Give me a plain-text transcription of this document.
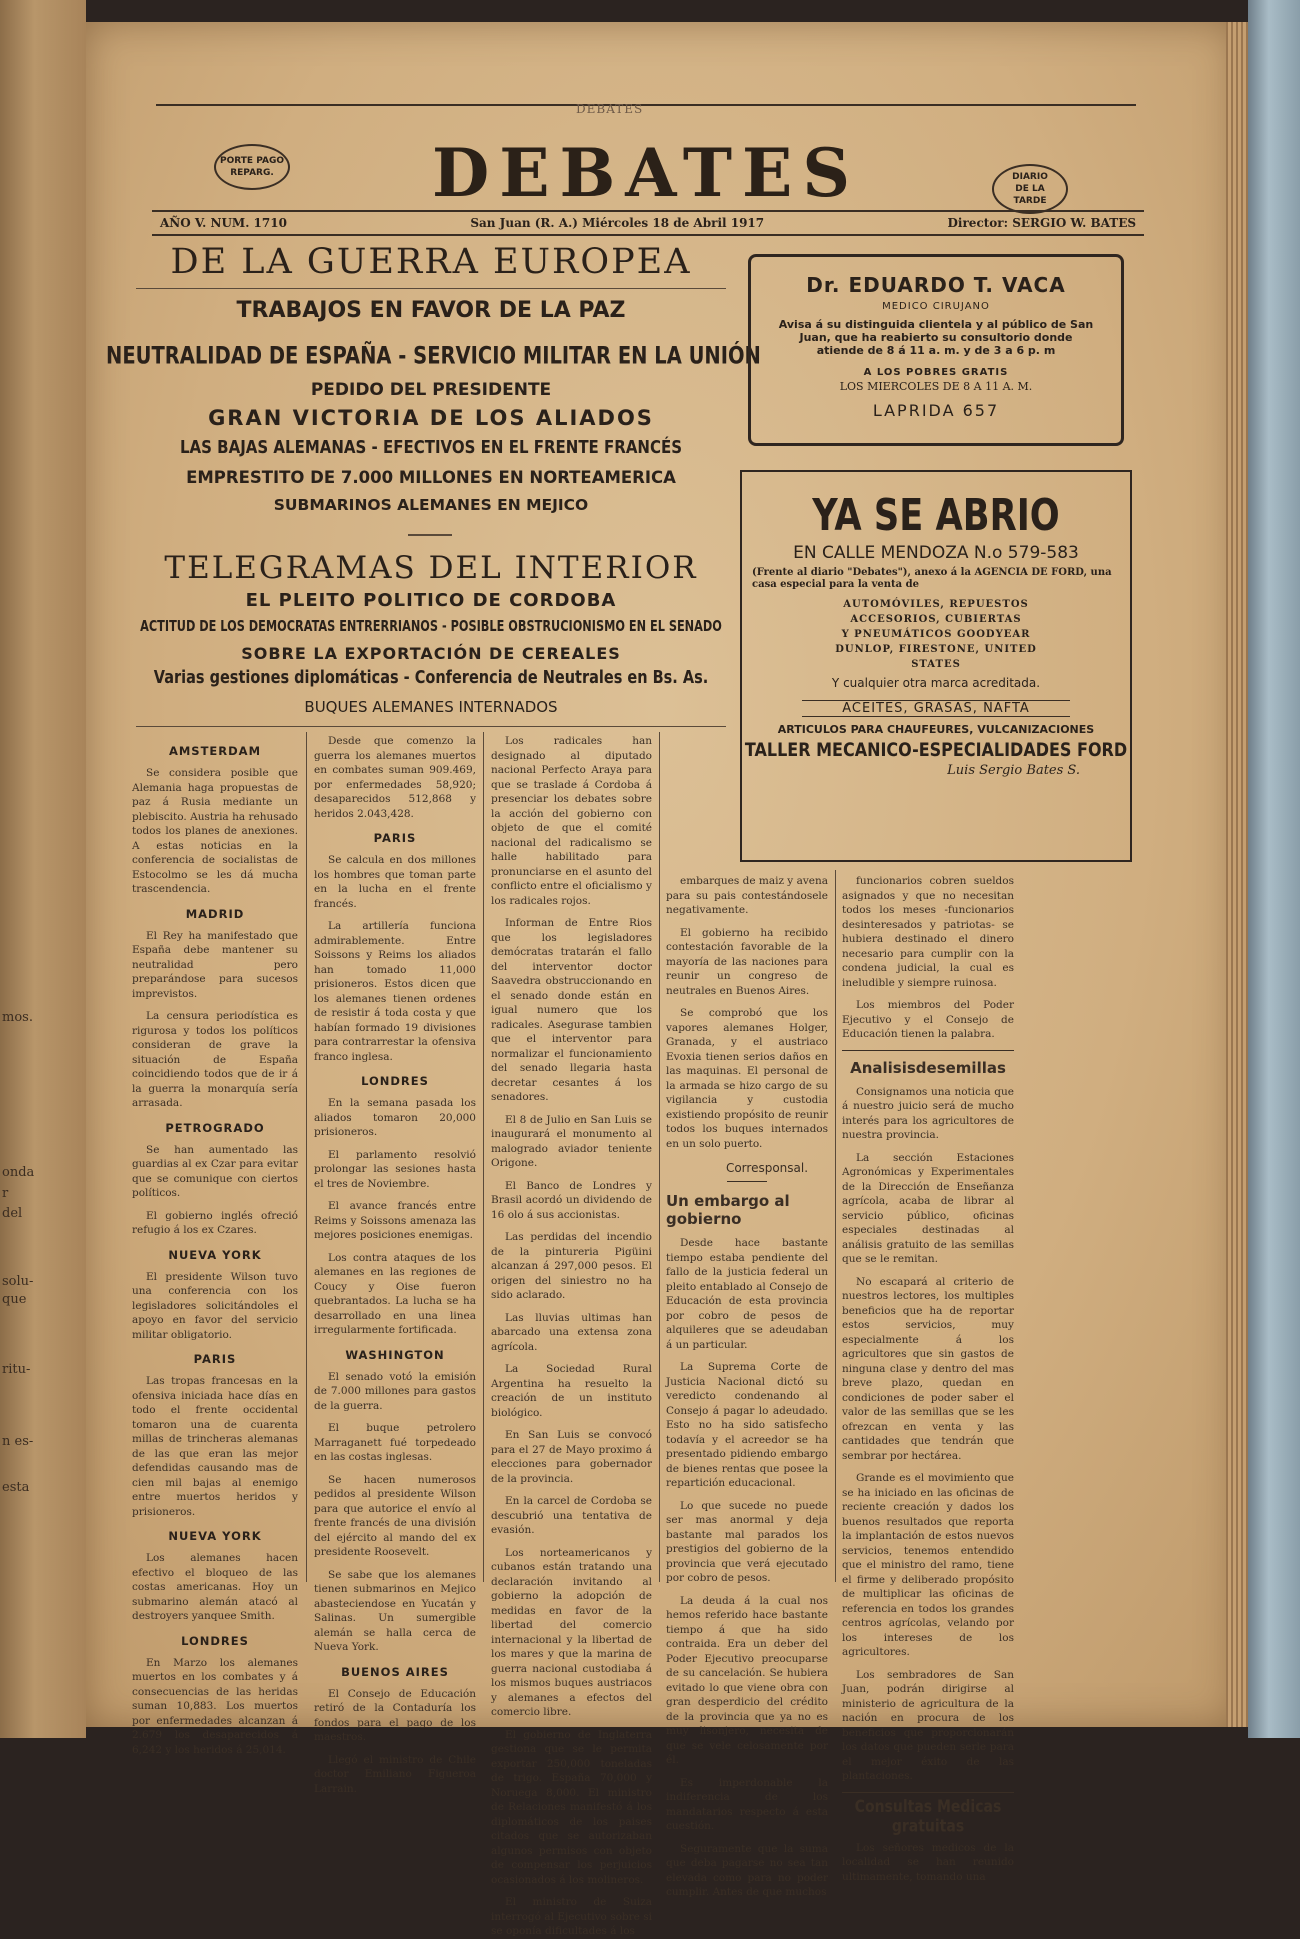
mos.
onda
r
del
solu-
que
ritu-
n es-
esta
DEBATES
PORTE PAGO
REPARG.	DEBATES	DIARIO
DE LA
TARDE
AÑO V. NUM. 1710	San Juan (R. A.) Miércoles 18 de Abril 1917	Director: SERGIO W. BATES
DE LA GUERRA EUROPEA
TRABAJOS EN FAVOR DE LA PAZ
NEUTRALIDAD DE ESPAÑA - SERVICIO MILITAR EN LA UNIÓN
PEDIDO DEL PRESIDENTE
GRAN VICTORIA DE LOS ALIADOS
LAS BAJAS ALEMANAS - EFECTIVOS EN EL FRENTE FRANCÉS
EMPRESTITO DE 7.000 MILLONES EN NORTEAMERICA
SUBMARINOS ALEMANES EN MEJICO
TELEGRAMAS DEL INTERIOR
EL PLEITO POLITICO DE CORDOBA
ACTITUD DE LOS DEMOCRATAS ENTRERRIANOS - POSIBLE OBSTRUCIONISMO EN EL SENADO
SOBRE LA EXPORTACIÓN DE CEREALES
Varias gestiones diplomáticas - Conferencia de Neutrales en Bs. As.
BUQUES ALEMANES INTERNADOS
Dr. EDUARDO T. VACA
MEDICO CIRUJANO
Avisa á su distinguida clientela y al público de San Juan, que ha reabierto su consultorio donde atiende de 8 á 11 a. m. y de 3 a 6 p. m
A LOS POBRES GRATIS
LOS MIERCOLES DE 8 A 11 A. M.
LAPRIDA 657
YA SE ABRIO
EN CALLE MENDOZA N.o 579-583
(Frente al diario "Debates"), anexo á la AGENCIA DE FORD, una casa especial para la venta de
AUTOMÓVILES, REPUESTOS
ACCESORIOS, CUBIERTAS
Y PNEUMÁTICOS GOODYEAR
DUNLOP, FIRESTONE, UNITED
STATES
Y cualquier otra marca acreditada.
ACEITES, GRASAS, NAFTA
ARTICULOS PARA CHAUFEURES, VULCANIZACIONES
TALLER MECANICO-ESPECIALIDADES FORD
Luis Sergio Bates S.
AMSTERDAM

Se considera posible que Alemania haga propuestas de paz á Rusia mediante un plebiscito. Austria ha rehusado todos los planes de anexiones. A estas noticias en la conferencia de socialistas de Estocolmo se les dá mucha trascendencia.

MADRID

El Rey ha manifestado que España debe mantener su neutralidad pero preparándose para sucesos imprevistos.

La censura periodística es rigurosa y todos los políticos consideran de grave la situación de España coincidiendo todos que de ir á la guerra la monarquía sería arrasada.

PETROGRADO

Se han aumentado las guardias al ex Czar para evitar que se comunique con ciertos políticos.

El gobierno inglés ofreció refugio á los ex Czares.

NUEVA YORK

El presidente Wilson tuvo una conferencia con los legisladores solicitándoles el apoyo en favor del servicio militar obligatorio.

PARIS

Las tropas francesas en la ofensiva iniciada hace días en todo el frente occidental tomaron una de cuarenta millas de trincheras alemanas de las que eran las mejor defendidas causando mas de cien mil bajas al enemigo entre muertos heridos y prisioneros.

NUEVA YORK

Los alemanes hacen efectivo el bloqueo de las costas americanas. Hoy un submarino alemán atacó al destroyers yanquee Smith.

LONDRES

En Marzo los alemanes muertos en los combates y á consecuencias de las heridas suman 10,883. Los muertos por enfermedades alcanzan á 2.679 los desaparecidos á 6,242 y los heridos á 25,014.

Desde que comenzo la guerra los alemanes muertos en combates suman 909.469, por enfermedades 58,920; desaparecidos 512,868 y heridos 2.043,428.

PARIS

Se calcula en dos millones los hombres que toman parte en la lucha en el frente francés.

La artillería funciona admirablemente. Entre Soissons y Reims los aliados han tomado 11,000 prisioneros. Estos dicen que los alemanes tienen ordenes de resistir á toda costa y que habían formado 19 divisiones para contrarrestar la ofensiva franco inglesa.

LONDRES

En la semana pasada los aliados tomaron 20,000 prisioneros.

El parlamento resolvió prolongar las sesiones hasta el tres de Noviembre.

El avance francés entre Reims y Soissons amenaza las mejores posiciones enemigas.

Los contra ataques de los alemanes en las regiones de Coucy y Oise fueron quebrantados. La lucha se ha desarrollado en una linea irregularmente fortificada.

WASHINGTON

El senado votó la emisión de 7.000 millones para gastos de la guerra.

El buque petrolero Marraganett fué torpedeado en las costas inglesas.

Se hacen numerosos pedidos al presidente Wilson para que autorice el envío al frente francés de una división del ejército al mando del ex presidente Roosevelt.

Se sabe que los alemanes tienen submarinos en Mejico abasteciendose en Yucatán y Salinas. Un sumergible alemán se halla cerca de Nueva York.

BUENOS AIRES

El Consejo de Educación retiró de la Contaduría los fondos para el pago de los maestros.

Llegó el ministro de Chile doctor Emiliano Figueroa Larrain.

Los radicales han designado al diputado nacional Perfecto Araya para que se traslade á Cordoba á presenciar los debates sobre la acción del gobierno con objeto de que el comité nacional del radicalismo se halle habilitado para pronunciarse en el asunto del conflicto entre el oficialismo y los radicales rojos.

Informan de Entre Rios que los legisladores demócratas tratarán el fallo del interventor doctor Saavedra obstruccionando en el senado donde están en igual numero que los radicales. Asegurase tambien que el interventor para normalizar el funcionamiento del senado llegaria hasta decretar cesantes á los senadores.

El 8 de Julio en San Luis se inaugurará el monumento al malogrado aviador teniente Origone.

El Banco de Londres y Brasil acordó un dividendo de 16 olo á sus accionistas.

Las perdidas del incendio de la pintureria Pigüini alcanzan á 297,000 pesos. El origen del siniestro no ha sido aclarado.

Las lluvias ultimas han abarcado una extensa zona agrícola.

La Sociedad Rural Argentina ha resuelto la creación de un instituto biológico.

En San Luis se convocó para el 27 de Mayo proximo á elecciones para gobernador de la provincia.

En la carcel de Cordoba se descubrió una tentativa de evasión.

Los norteamericanos y cubanos están tratando una declaración invitando al gobierno la adopción de medidas en favor de la libertad del comercio internacional y la libertad de los mares y que la marina de guerra nacional custodiaba á los mismos buques austriacos y alemanes a efectos del comercio libre.

El gobierno de Inglaterra gestiona que se le permita exportar 250,000 toneladas de trigo. España 70,000 y Noruega 8,000. El ministro de Relaciones manifestó á los diplomáticos de los paises citados que se autorizaban algunos permisos con objeto de compensar los perjuicios ocasionados á los molineros.

El ministro de Suiza interrogó al Ejecutivo sobre si se oponía dificultades á los

embarques de maiz y avena para su pais contestándosele negativamente.

El gobierno ha recibido contestación favorable de la mayoría de las naciones para reunir un congreso de neutrales en Buenos Aires.

Se comprobó que los vapores alemanes Holger, Granada, y el austriaco Evoxia tienen serios daños en las maquinas. El personal de la armada se hizo cargo de su vigilancia y custodia existiendo propósito de reunir todos los buques internados en un solo puerto.

Corresponsal.
Un embargo al gobierno

Desde hace bastante tiempo estaba pendiente del fallo de la justicia federal un pleito entablado al Consejo de Educación de esta provincia por cobro de pesos de alquileres que se adeudaban á un particular.

La Suprema Corte de Justicia Nacional dictó su veredicto condenando al Consejo á pagar lo adeudado. Esto no ha sido satisfecho todavía y el acreedor se ha presentado pidiendo embargo de bienes rentas que posee la repartición educacional.

Lo que sucede no puede ser mas anormal y deja bastante mal parados los prestigios del gobierno de la provincia que verá ejecutado por cobro de pesos.

La deuda á la cual nos hemos referido hace bastante tiempo á que ha sido contraida. Era un deber del Poder Ejecutivo preocuparse de su cancelación. Se hubiera evitado lo que viene obra con gran desperdicio del crédito de la provincia que ya no es muy lisonjero, necesita de que se vele celosamente por él.

Es imperdonable la indiferencia de los mandatarios respecto á esta cuestión.

Seguramente que la suma que deba pagarse no sea tan elevada como para no poder cumplir. Antes de que muchos

funcionarios cobren sueldos asignados y que no necesitan todos los meses -funcionarios desinteresados y patriotas- se hubiera destinado el dinero necesario para cumplir con la condena judicial, la cual es ineludible y siempre ruinosa.

Los miembros del Poder Ejecutivo y el Consejo de Educación tienen la palabra.

Analisisdesemillas

Consignamos una noticia que á nuestro juicio será de mucho interés para los agricultores de nuestra provincia.

La sección Estaciones Agronómicas y Experimentales de la Dirección de Enseñanza agrícola, acaba de librar al servicio público, oficinas especiales destinadas al análisis gratuito de las semillas que se le remitan.

No escapará al criterio de nuestros lectores, los multiples beneficios que ha de reportar estos servicios, muy especialmente á los agricultores que sin gastos de ninguna clase y dentro del mas breve plazo, quedan en condiciones de poder saber el valor de las semillas que se les ofrezcan en venta y las cantidades que tendrán que sembrar por hectárea.

Grande es el movimiento que se ha iniciado en las oficinas de reciente creación y dados los buenos resultados que reporta la implantación de estos nuevos servicios, tenemos entendido que el ministro del ramo, tiene el firme y deliberado propósito de multiplicar las oficinas de referencia en todos los grandes centros agrícolas, velando por los intereses de los agricultores.

Los sembradores de San Juan, podrán dirigirse al ministerio de agricultura de la nación en procura de los beneficios que proporcionarán los datos que pueden serle para el mejor éxito de las plantaciones.

Consultas Medicas gratuitas

Los señores medicos de la localidad se han reunido ultimamente, tomando una
